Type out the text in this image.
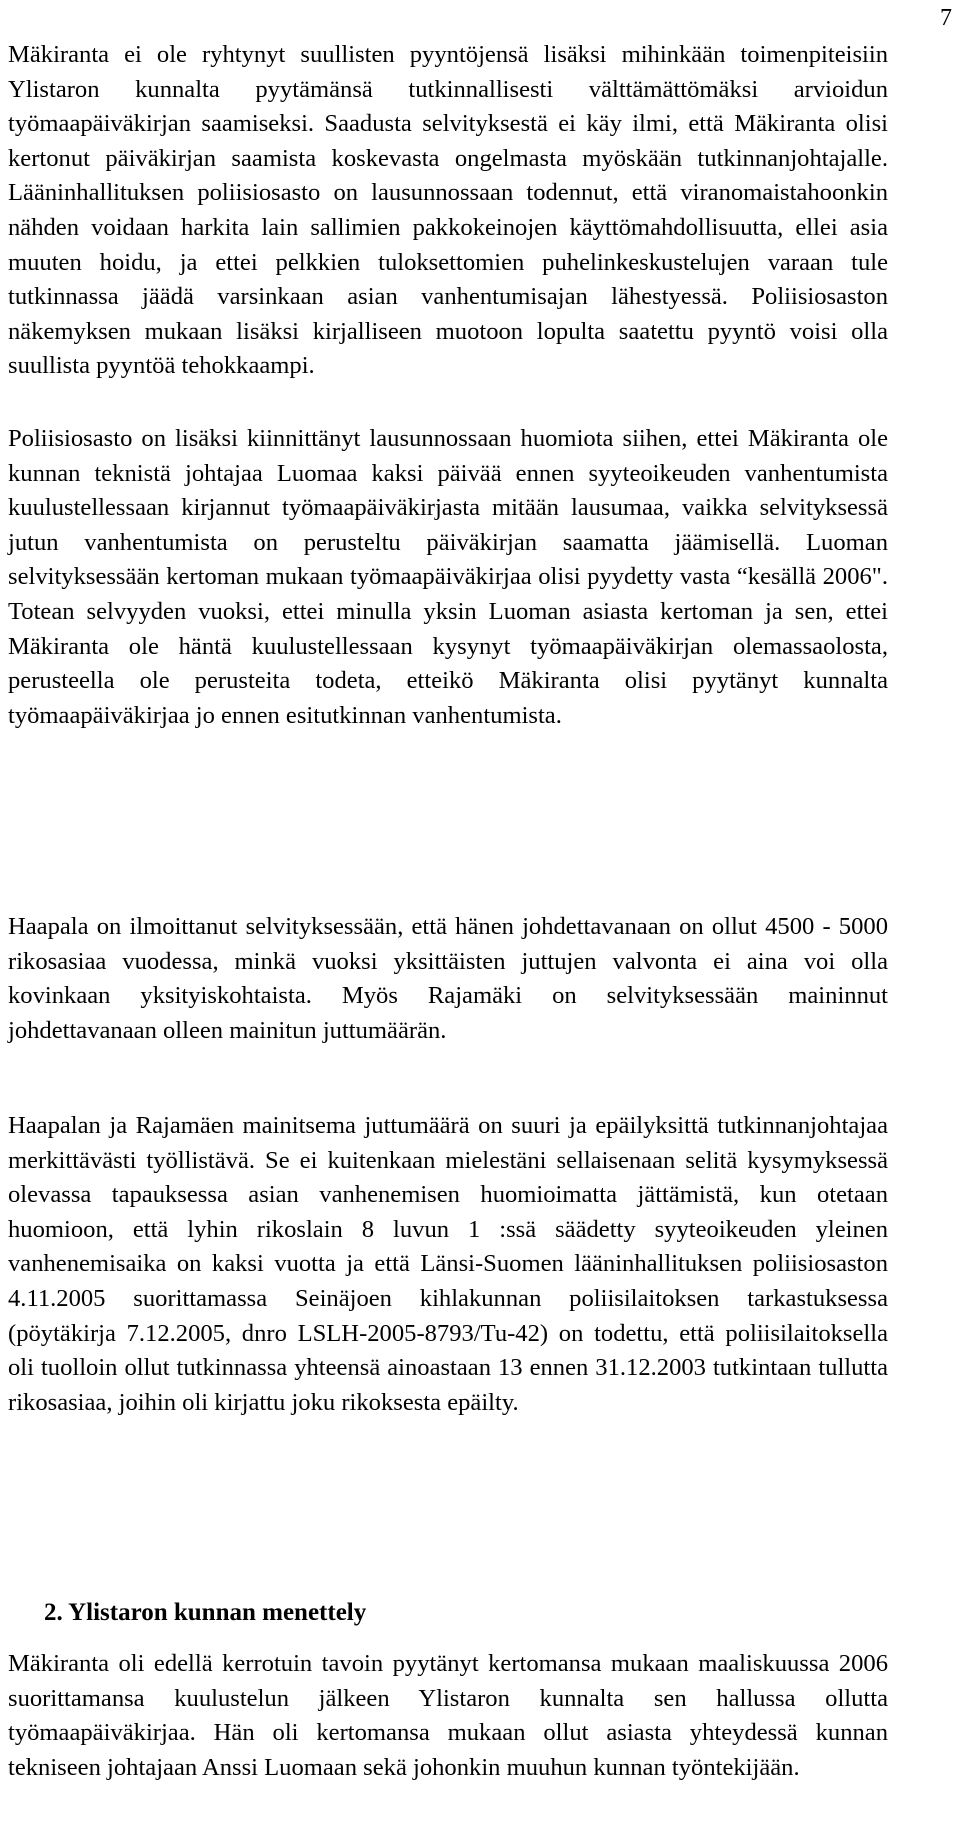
7

Mäkiranta ei ole ryhtynyt suullisten pyyntöjensä lisäksi mihinkään toimenpiteisiin Ylistaron kunnalta pyytämänsä tutkinnallisesti välttämättömäksi arvioidun työmaapäiväkirjan saamiseksi. Saadusta selvityksestä ei käy ilmi, että Mäkiranta olisi kertonut päiväkirjan saamista koskevasta ongelmasta myöskään tutkinnanjohtajalle. Lääninhallituksen poliisiosasto on lausunnossaan todennut, että viranomaistahoonkin nähden voidaan harkita lain sallimien pakkokeinojen käyttömahdollisuutta, ellei asia muuten hoidu, ja ettei pelkkien tuloksettomien puhelinkeskustelujen varaan tule tutkinnassa jäädä varsinkaan asian vanhentumisajan lähestyessä. Poliisiosaston näkemyksen mukaan lisäksi kirjalliseen muotoon lopulta saatettu pyyntö voisi olla suullista pyyntöä tehokkaampi.

Poliisiosasto on lisäksi kiinnittänyt lausunnossaan huomiota siihen, ettei Mäkiranta ole kunnan teknistä johtajaa Luomaa kaksi päivää ennen syyteoikeuden vanhentumista kuulustellessaan kirjannut työmaapäiväkirjasta mitään lausumaa, vaikka selvityksessä jutun vanhentumista on perusteltu päiväkirjan saamatta jäämisellä. Luoman selvityksessään kertoman mukaan työmaapäiväkirjaa olisi pyydetty vasta “kesällä 2006". Totean selvyyden vuoksi, ettei minulla yksin Luoman asiasta kertoman ja sen, ettei Mäkiranta ole häntä kuulustellessaan kysynyt työmaapäiväkirjan olemassaolosta, perusteella ole perusteita todeta, etteikö Mäkiranta olisi pyytänyt kunnalta työmaapäiväkirjaa jo ennen esitutkinnan vanhentumista.

Haapala on ilmoittanut selvityksessään, että hänen johdettavanaan on ollut 4500 - 5000 rikosasiaa vuodessa, minkä vuoksi yksittäisten juttujen valvonta ei aina voi olla kovinkaan yksityiskohtaista. Myös Rajamäki on selvityksessään maininnut johdettavanaan olleen mainitun juttumäärän.

Haapalan ja Rajamäen mainitsema juttumäärä on suuri ja epäilyksittä tutkinnanjohtajaa merkittävästi työllistävä. Se ei kuitenkaan mielestäni sellaisenaan selitä kysymyksessä olevassa tapauksessa asian vanhenemisen huomioimatta jättämistä, kun otetaan huomioon, että lyhin rikoslain 8 luvun 1 :ssä säädetty syyteoikeuden yleinen vanhenemisaika on kaksi vuotta ja että Länsi-Suomen lääninhallituksen poliisiosaston 4.11.2005 suorittamassa Seinäjoen kihlakunnan poliisilaitoksen tarkastuksessa (pöytäkirja 7.12.2005, dnro LSLH-2005-8793/Tu-42) on todettu, että poliisilaitoksella oli tuolloin ollut tutkinnassa yhteensä ainoastaan 13 ennen 31.12.2003 tutkintaan tullutta rikosasiaa, joihin oli kirjattu joku rikoksesta epäilty.

2. Ylistaron kunnan menettely

Mäkiranta oli edellä kerrotuin tavoin pyytänyt kertomansa mukaan maaliskuussa 2006 suorittamansa kuulustelun jälkeen Ylistaron kunnalta sen hallussa ollutta työmaapäiväkirjaa. Hän oli kertomansa mukaan ollut asiasta yhteydessä kunnan tekniseen johtajaan Anssi Luomaan sekä johonkin muuhun kunnan työntekijään.
